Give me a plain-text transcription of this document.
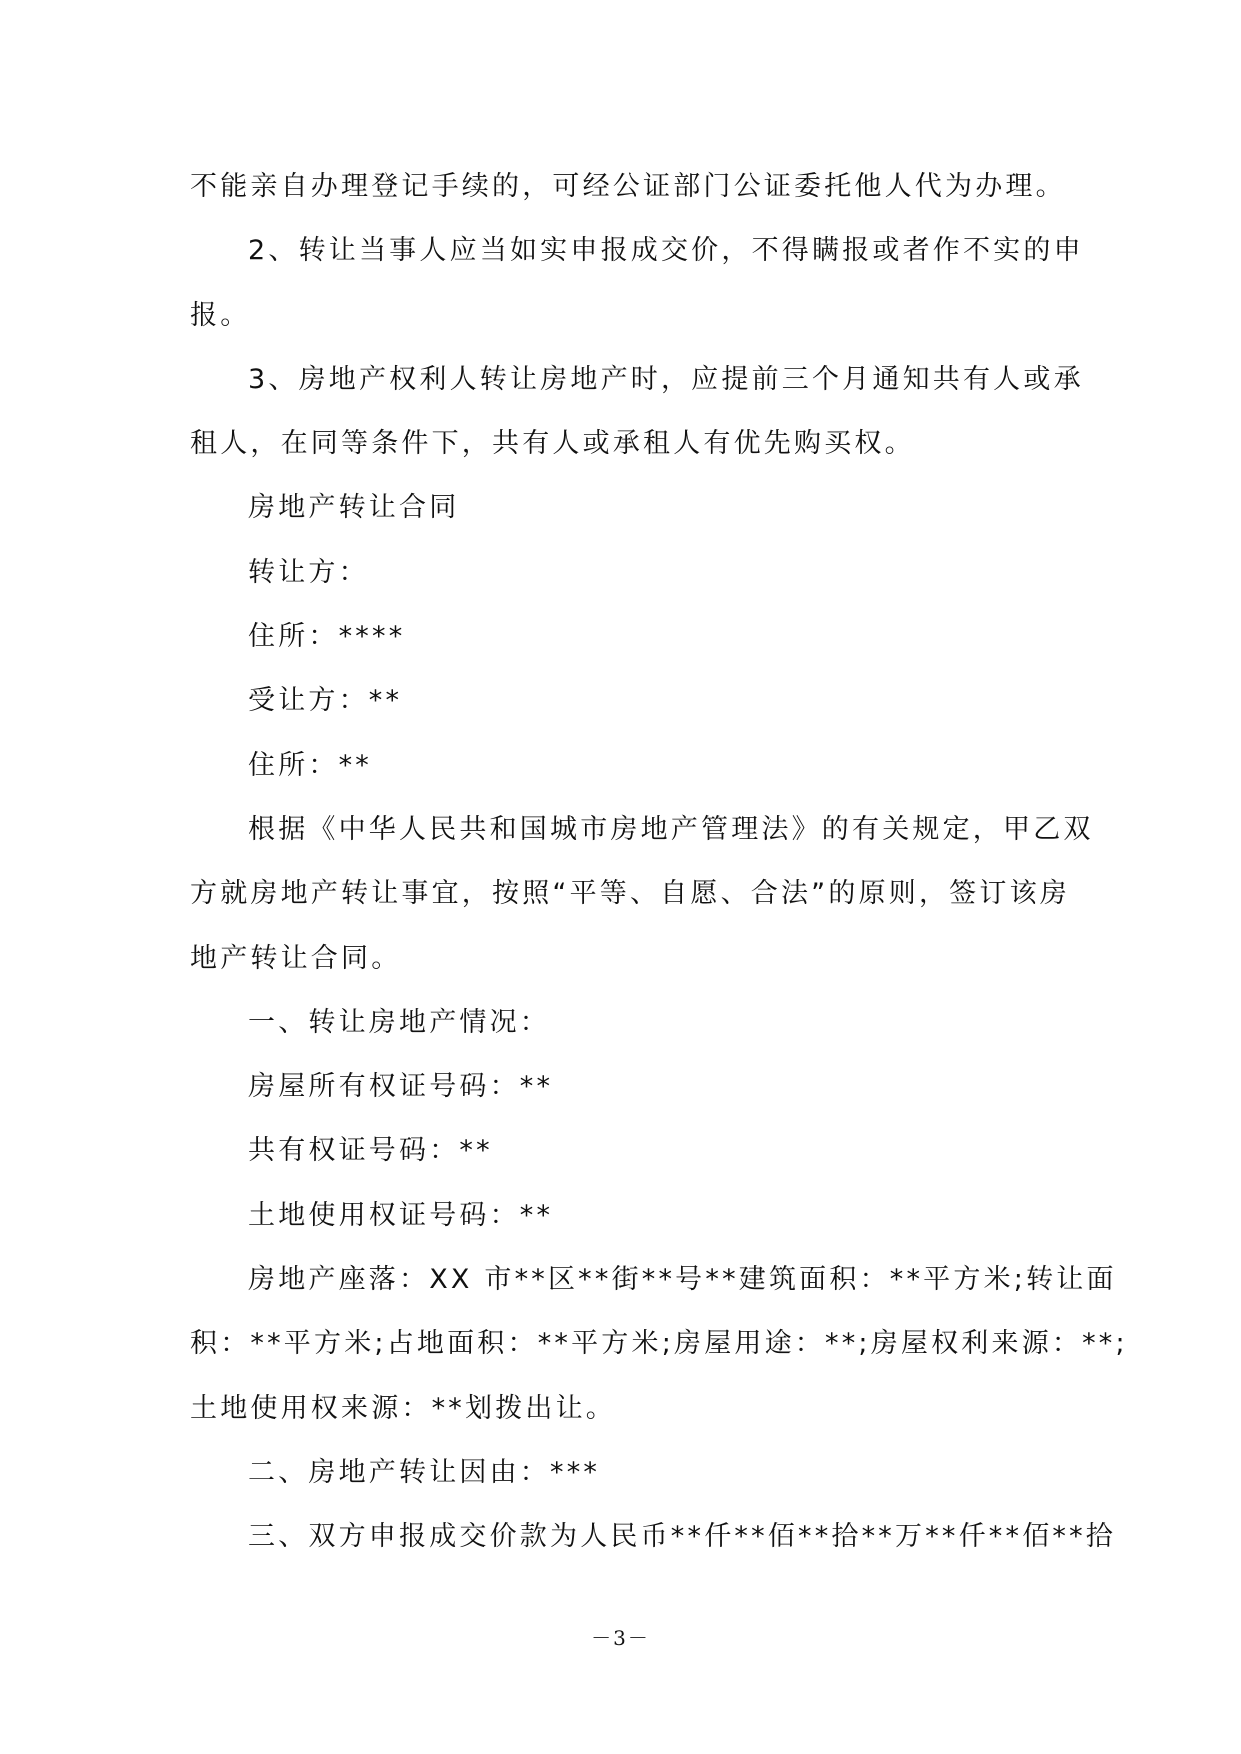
不能亲自办理登记手续的，可经公证部门公证委托他人代为办理。

2、转让当事人应当如实申报成交价，不得瞒报或者作不实的申

报。

3、房地产权利人转让房地产时，应提前三个月通知共有人或承

租人，在同等条件下，共有人或承租人有优先购买权。

房地产转让合同

转让方：

住所：****

受让方：**

住所：**

根据《中华人民共和国城市房地产管理法》的有关规定，甲乙双

方就房地产转让事宜，按照“平等、自愿、合法”的原则，签订该房

地产转让合同。

一、转让房地产情况：

房屋所有权证号码：**

共有权证号码：**

土地使用权证号码：**

房地产座落：XX 市**区**街**号**建筑面积：**平方米;转让面

积：**平方米;占地面积：**平方米;房屋用途：**;房屋权利来源：**;

土地使用权来源：**划拨出让。

二、房地产转让因由：***

三、双方申报成交价款为人民币**仟**佰**拾**万**仟**佰**拾

－3－
